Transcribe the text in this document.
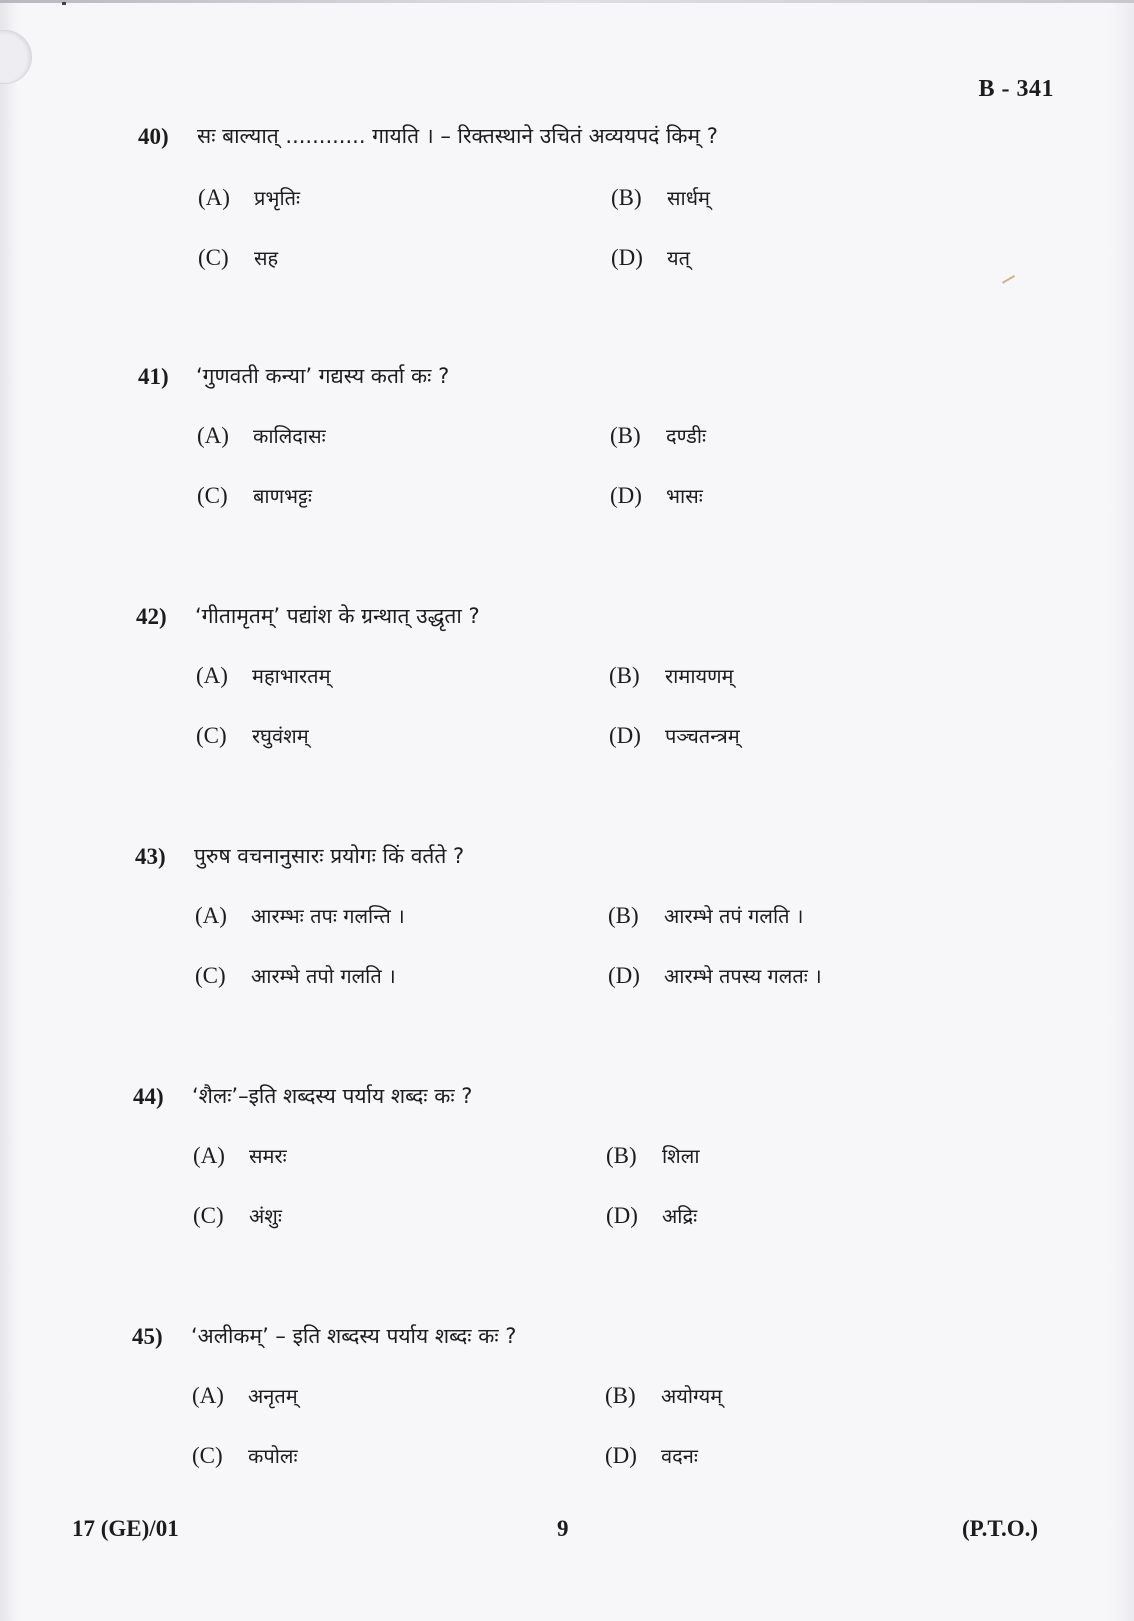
B - 341
40) सः बाल्यात् ............ गायति । – रिक्तस्थाने उचितं अव्ययपदं किम् ?
(A) प्रभृतिः	(B) सार्धम्
(C) सह	(D) यत्
41) ‘गुणवती कन्या’ गद्यस्य कर्ता कः ?
(A) कालिदासः	(B) दण्डीः
(C) बाणभट्टः	(D) भासः
42) ‘गीतामृतम्’ पद्यांश के ग्रन्थात् उद्धृता ?
(A) महाभारतम्	(B) रामायणम्
(C) रघुवंशम्	(D) पञ्चतन्त्रम्
43) पुरुष वचनानुसारः प्रयोगः किं वर्तते ?
(A) आरम्भः तपः गलन्ति ।	(B) आरम्भे तपं गलति ।
(C) आरम्भे तपो गलति ।	(D) आरम्भे तपस्य गलतः ।
44) ‘शैलः’–इति शब्दस्य पर्याय शब्दः कः ?
(A) समरः	(B) शिला
(C) अंशुः	(D) अद्रिः
45) ‘अलीकम्’ – इति शब्दस्य पर्याय शब्दः कः ?
(A) अनृतम्	(B) अयोग्यम्
(C) कपोलः	(D) वदनः
17 (GE)/01	9	(P.T.O.)
